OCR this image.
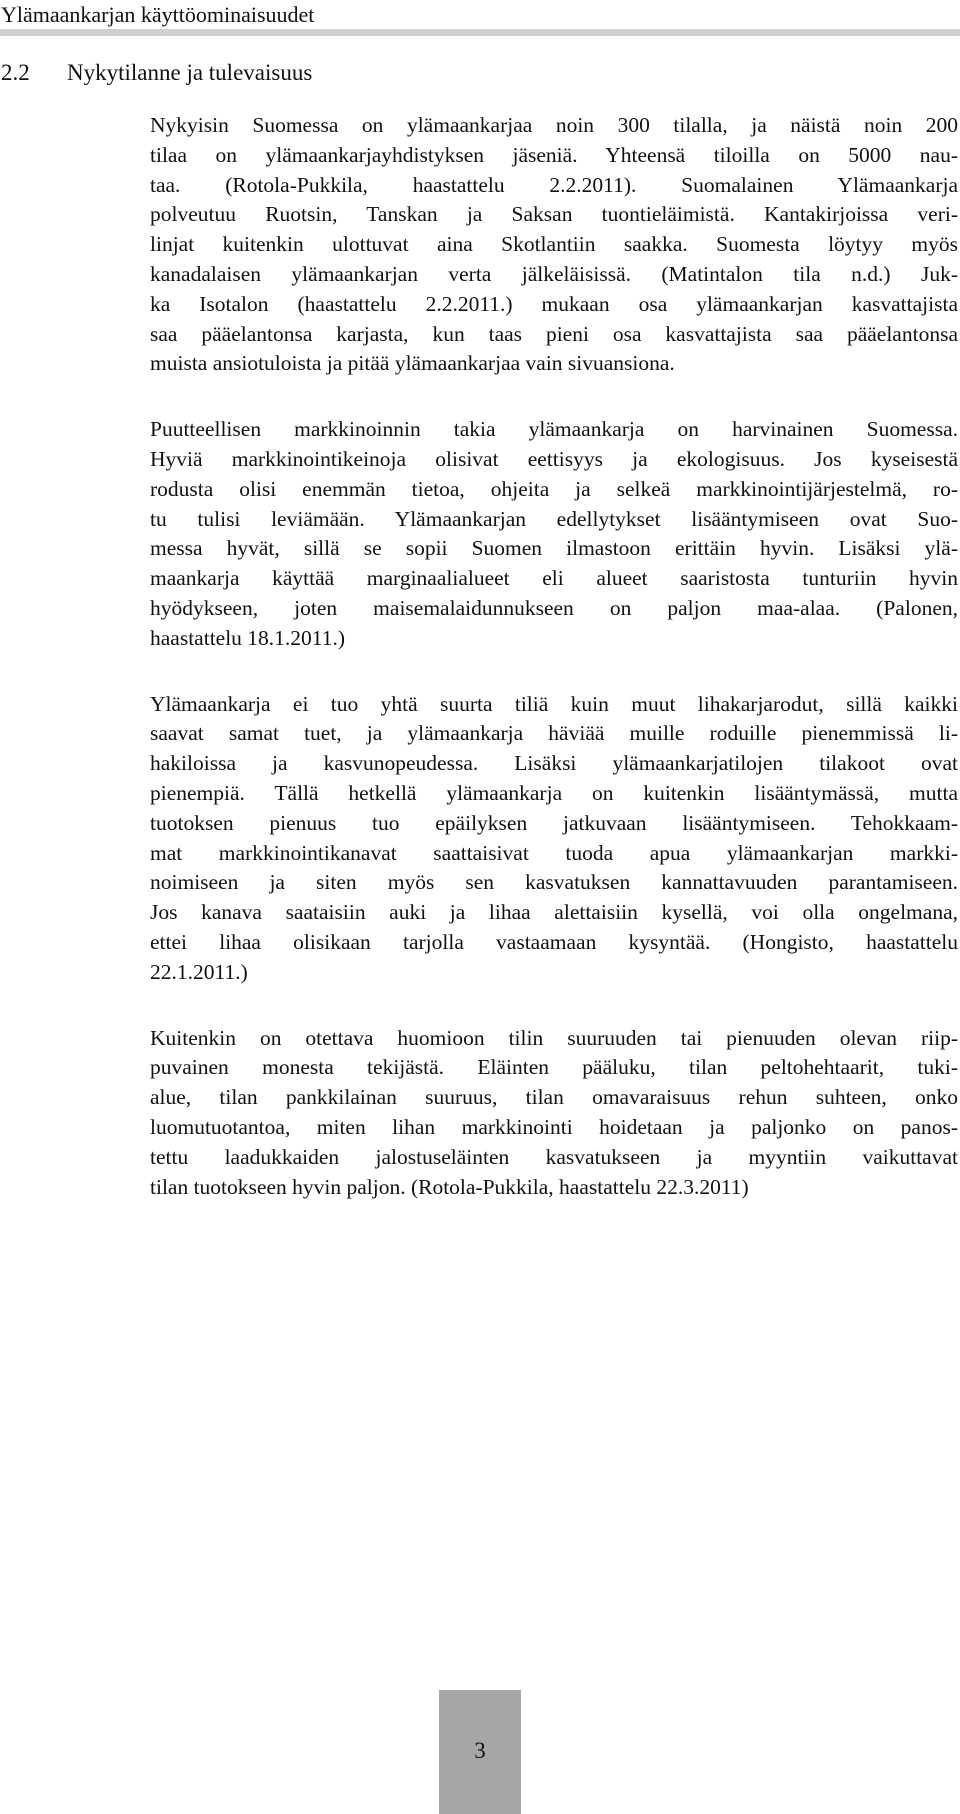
Ylämaankarjan käyttöominaisuudet
2.2 Nykytilanne ja tulevaisuus
Nykyisin Suomessa on ylämaankarjaa noin 300 tilalla, ja näistä noin 200
tilaa on ylämaankarjayhdistyksen jäseniä. Yhteensä tiloilla on 5000 nau-
taa. (Rotola-Pukkila, haastattelu 2.2.2011). Suomalainen Ylämaankarja
polveutuu Ruotsin, Tanskan ja Saksan tuontieläimistä. Kantakirjoissa veri-
linjat kuitenkin ulottuvat aina Skotlantiin saakka. Suomesta löytyy myös
kanadalaisen ylämaankarjan verta jälkeläisissä. (Matintalon tila n.d.) Juk-
ka Isotalon (haastattelu 2.2.2011.) mukaan osa ylämaankarjan kasvattajista
saa pääelantonsa karjasta, kun taas pieni osa kasvattajista saa pääelantonsa
muista ansiotuloista ja pitää ylämaankarjaa vain sivuansiona.
Puutteellisen markkinoinnin takia ylämaankarja on harvinainen Suomessa.
Hyviä markkinointikeinoja olisivat eettisyys ja ekologisuus. Jos kyseisestä
rodusta olisi enemmän tietoa, ohjeita ja selkeä markkinointijärjestelmä, ro-
tu tulisi leviämään. Ylämaankarjan edellytykset lisääntymiseen ovat Suo-
messa hyvät, sillä se sopii Suomen ilmastoon erittäin hyvin. Lisäksi ylä-
maankarja käyttää marginaalialueet eli alueet saaristosta tunturiin hyvin
hyödykseen, joten maisemalaidunnukseen on paljon maa-alaa. (Palonen,
haastattelu 18.1.2011.)
Ylämaankarja ei tuo yhtä suurta tiliä kuin muut lihakarjarodut, sillä kaikki
saavat samat tuet, ja ylämaankarja häviää muille roduille pienemmissä li-
hakiloissa ja kasvunopeudessa. Lisäksi ylämaankarjatilojen tilakoot ovat
pienempiä. Tällä hetkellä ylämaankarja on kuitenkin lisääntymässä, mutta
tuotoksen pienuus tuo epäilyksen jatkuvaan lisääntymiseen. Tehokkaam-
mat markkinointikanavat saattaisivat tuoda apua ylämaankarjan markki-
noimiseen ja siten myös sen kasvatuksen kannattavuuden parantamiseen.
Jos kanava saataisiin auki ja lihaa alettaisiin kysellä, voi olla ongelmana,
ettei lihaa olisikaan tarjolla vastaamaan kysyntää. (Hongisto, haastattelu
22.1.2011.)
Kuitenkin on otettava huomioon tilin suuruuden tai pienuuden olevan riip-
puvainen monesta tekijästä. Eläinten pääluku, tilan peltohehtaarit, tuki-
alue, tilan pankkilainan suuruus, tilan omavaraisuus rehun suhteen, onko
luomutuotantoa, miten lihan markkinointi hoidetaan ja paljonko on panos-
tettu laadukkaiden jalostuseläinten kasvatukseen ja myyntiin vaikuttavat
tilan tuotokseen hyvin paljon. (Rotola-Pukkila, haastattelu 22.3.2011)
3
